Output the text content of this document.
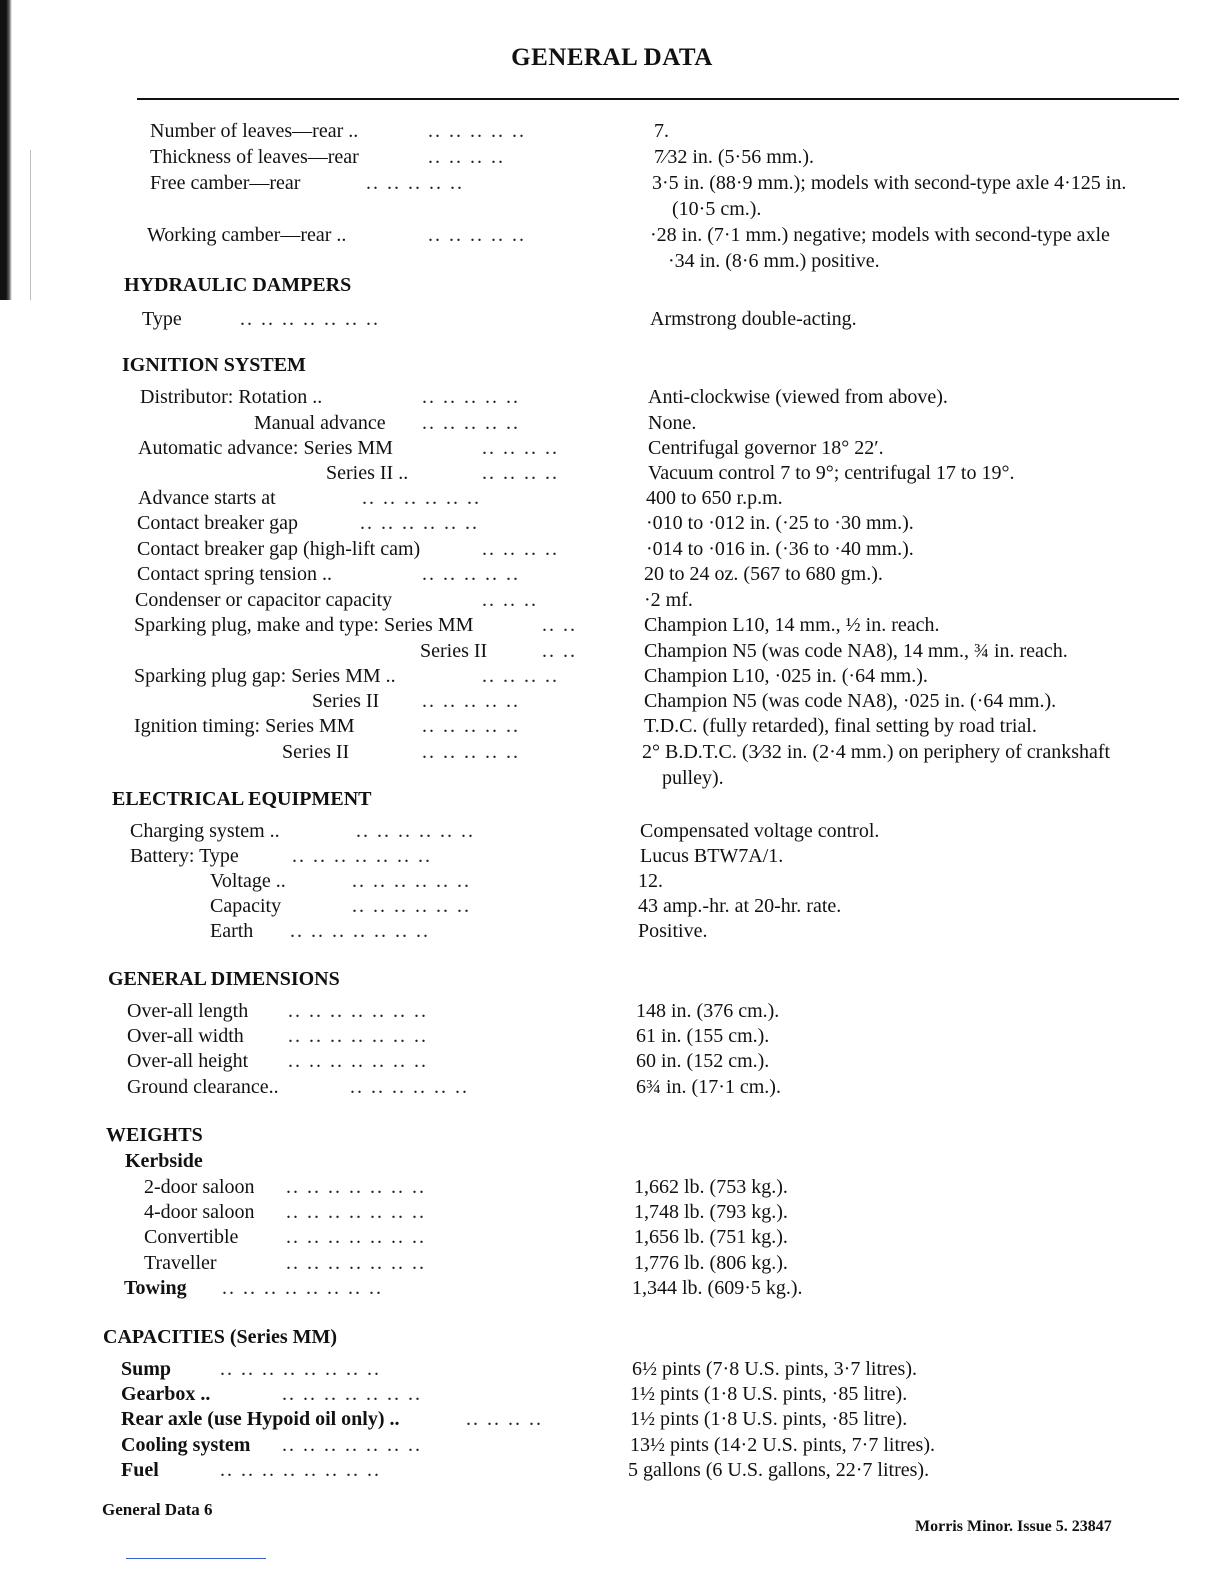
GENERAL DATA
Number of leaves—rear ..	.. .. .. .. ..	7.
Thickness of leaves—rear	.. .. .. ..	7⁄32 in. (5·56 mm.).
Free camber—rear	.. .. .. .. ..	3·5 in. (88·9 mm.); models with second-type axle 4·125 in.
(10·5 cm.).
Working camber—rear ..	.. .. .. .. ..	·28 in. (7·1 mm.) negative; models with second-type axle
·34 in. (8·6 mm.) positive.
HYDRAULIC DAMPERS
Type	.. .. .. .. .. .. ..	Armstrong double-acting.
IGNITION SYSTEM
Distributor: Rotation ..	.. .. .. .. ..	Anti-clockwise (viewed from above).
Manual advance .. .. .. .. ..	None.
Automatic advance: Series MM	.. .. .. ..	Centrifugal governor 18° 22′.
Series II ..	.. .. .. ..	Vacuum control 7 to 9°; centrifugal 17 to 19°.
Advance starts at	.. .. .. .. .. ..	400 to 650 r.p.m.
Contact breaker gap	.. .. .. .. .. ..	·010 to ·012 in. (·25 to ·30 mm.).
Contact breaker gap (high-lift cam)	.. .. .. ..	·014 to ·016 in. (·36 to ·40 mm.).
Contact spring tension ..	.. .. .. .. ..	20 to 24 oz. (567 to 680 gm.).
Condenser or capacitor capacity	.. .. ..	·2 mf.
Sparking plug, make and type: Series MM	.. ..	Champion L10, 14 mm., ½ in. reach.
Series II	.. ..	Champion N5 (was code NA8), 14 mm., ¾ in. reach.
Sparking plug gap: Series MM ..	.. .. .. ..	Champion L10, ·025 in. (·64 mm.).
Series II .. .. .. .. ..	Champion N5 (was code NA8), ·025 in. (·64 mm.).
Ignition timing: Series MM	.. .. .. .. ..	T.D.C. (fully retarded), final setting by road trial.
Series II	.. .. .. .. ..	2° B.D.T.C. (3⁄32 in. (2·4 mm.) on periphery of crankshaft
pulley).
ELECTRICAL EQUIPMENT
Charging system ..	.. .. .. .. .. ..	Compensated voltage control.
Battery: Type	.. .. .. .. .. .. ..	Lucus BTW7A/1.
Voltage ..	.. .. .. .. .. ..	12.
Capacity	.. .. .. .. .. ..	43 amp.-hr. at 20-hr. rate.
Earth .. .. .. .. .. .. ..	Positive.
GENERAL DIMENSIONS
Over-all length .. .. .. .. .. .. ..	148 in. (376 cm.).
Over-all width .. .. .. .. .. .. ..	61 in. (155 cm.).
Over-all height .. .. .. .. .. .. ..	60 in. (152 cm.).
Ground clearance..	.. .. .. .. .. ..	6¾ in. (17·1 cm.).
WEIGHTS
Kerbside
2-door saloon .. .. .. .. .. .. ..	1,662 lb. (753 kg.).
4-door saloon .. .. .. .. .. .. ..	1,748 lb. (793 kg.).
Convertible .. .. .. .. .. .. ..	1,656 lb. (751 kg.).
Traveller	.. .. .. .. .. .. ..	1,776 lb. (806 kg.).
Towing .. .. .. .. .. .. .. ..	1,344 lb. (609·5 kg.).
CAPACITIES (Series MM)
Sump .. .. .. .. .. .. .. ..	6½ pints (7·8 U.S. pints, 3·7 litres).
Gearbox ..	.. .. .. .. .. .. ..	1½ pints (1·8 U.S. pints, ·85 litre).
Rear axle (use Hypoid oil only) ..	.. .. .. ..	1½ pints (1·8 U.S. pints, ·85 litre).
Cooling system .. .. .. .. .. .. ..	13½ pints (14·2 U.S. pints, 7·7 litres).
Fuel	.. .. .. .. .. .. .. ..	5 gallons (6 U.S. gallons, 22·7 litres).
General Data 6
Morris Minor. Issue 5. 23847
